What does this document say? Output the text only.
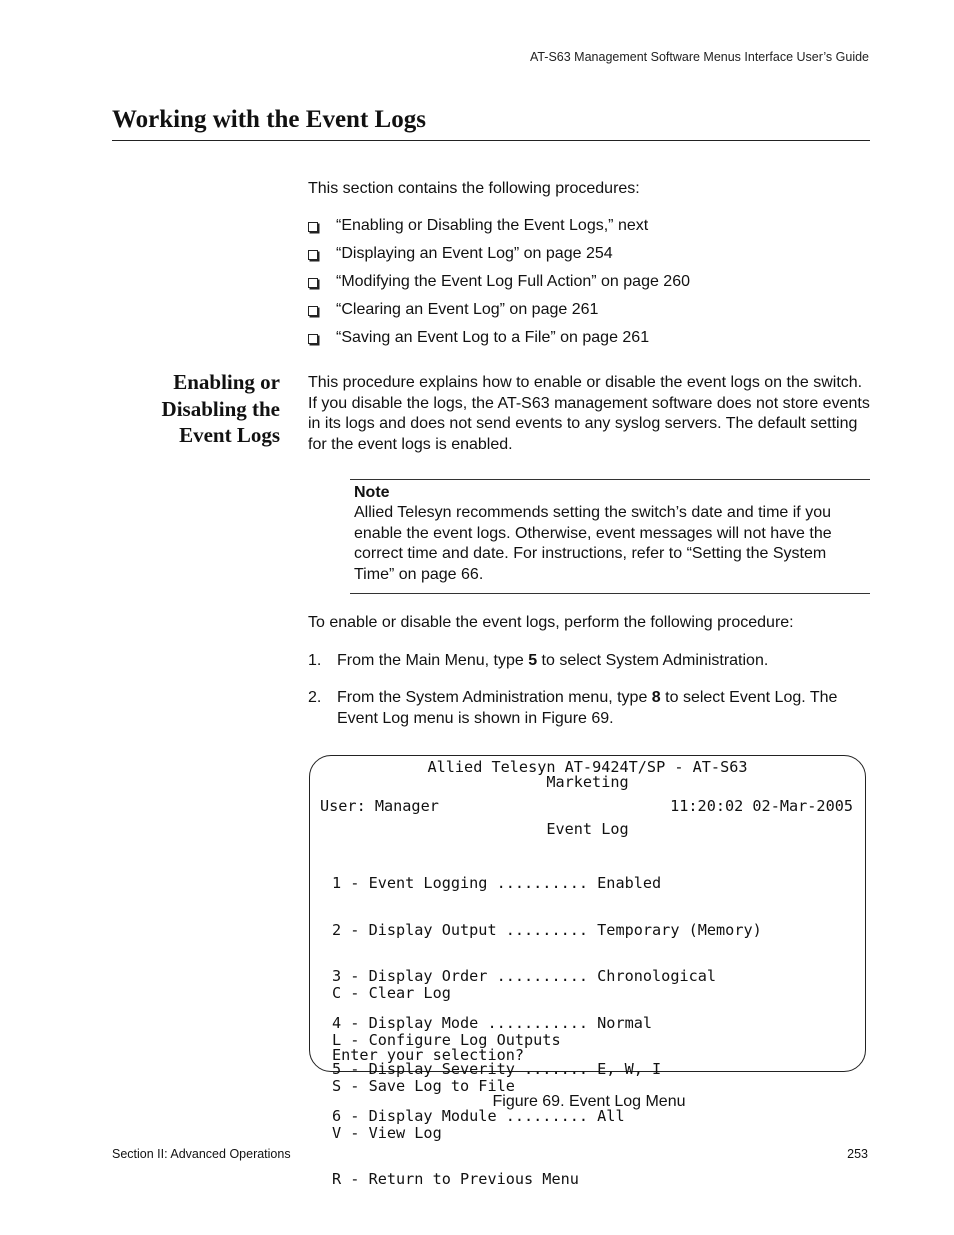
AT-S63 Management Software Menus Interface User’s Guide
Working with the Event Logs
This section contains the following procedures:
“Enabling or Disabling the Event Logs,” next
“Displaying an Event Log” on page 254
“Modifying the Event Log Full Action” on page 260
“Clearing an Event Log” on page 261
“Saving an Event Log to a File” on page 261
Enabling or
Disabling the
Event Logs
This procedure explains how to enable or disable the event logs on the switch. If you disable the logs, the AT-S63 management software does not store events in its logs and does not send events to any syslog servers. The default setting for the event logs is enabled.
Note
Allied Telesyn recommends setting the switch’s date and time if you enable the event logs. Otherwise, event messages will not have the correct time and date. For instructions, refer to “Setting the System Time” on page 66.
To enable or disable the event logs, perform the following procedure:
1. From the Main Menu, type 5 to select System Administration.
2. From the System Administration menu, type 8 to select Event Log. The Event Log menu is shown in Figure 69.
Allied Telesyn AT-9424T/SP - AT-S63
Marketing
User: Manager	11:20:02 02-Mar-2005
Event Log

1 - Event Logging .......... Enabled

2 - Display Output ......... Temporary (Memory)

3 - Display Order .......... Chronological

4 - Display Mode ........... Normal

5 - Display Severity ....... E, W, I

6 - Display Module ......... All

C - Clear Log

L - Configure Log Outputs

S - Save Log to File

V - View Log

R - Return to Previous Menu

Enter your selection?
Figure 69. Event Log Menu
Section II: Advanced Operations	253
